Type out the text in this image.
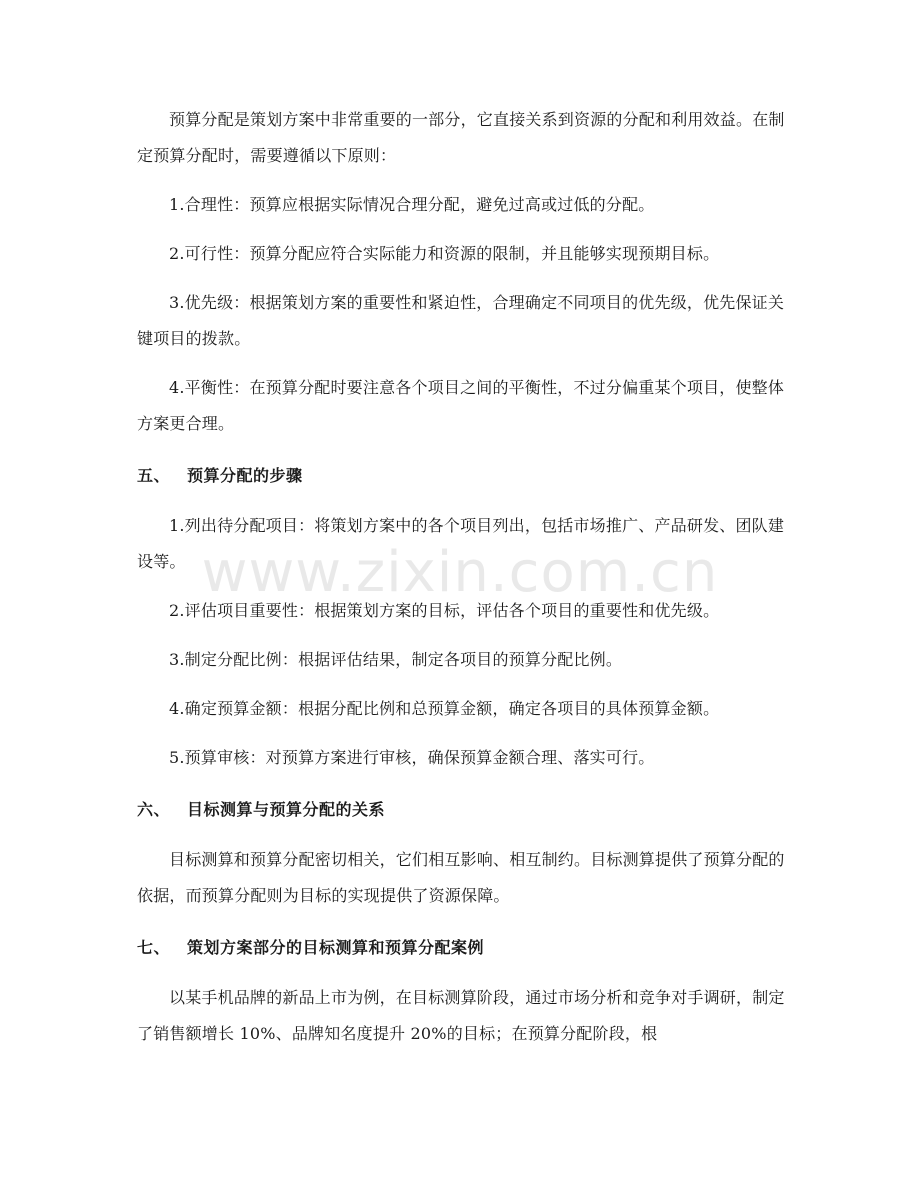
预算分配是策划方案中非常重要的一部分，它直接关系到资源的分配和利用效益。在制定预算分配时，需要遵循以下原则：

1.合理性：预算应根据实际情况合理分配，避免过高或过低的分配。

2.可行性：预算分配应符合实际能力和资源的限制，并且能够实现预期目标。

3.优先级：根据策划方案的重要性和紧迫性，合理确定不同项目的优先级，优先保证关键项目的拨款。

4.平衡性：在预算分配时要注意各个项目之间的平衡性，不过分偏重某个项目，使整体方案更合理。

五、 预算分配的步骤

1.列出待分配项目：将策划方案中的各个项目列出，包括市场推广、产品研发、团队建设等。

2.评估项目重要性：根据策划方案的目标，评估各个项目的重要性和优先级。

3.制定分配比例：根据评估结果，制定各项目的预算分配比例。

4.确定预算金额：根据分配比例和总预算金额，确定各项目的具体预算金额。

5.预算审核：对预算方案进行审核，确保预算金额合理、落实可行。

六、 目标测算与预算分配的关系

目标测算和预算分配密切相关，它们相互影响、相互制约。目标测算提供了预算分配的依据，而预算分配则为目标的实现提供了资源保障。

七、 策划方案部分的目标测算和预算分配案例

以某手机品牌的新品上市为例，在目标测算阶段，通过市场分析和竞争对手调研，制定了销售额增长 10%、品牌知名度提升 20%的目标；在预算分配阶段，根

www.zixin.com.cn
